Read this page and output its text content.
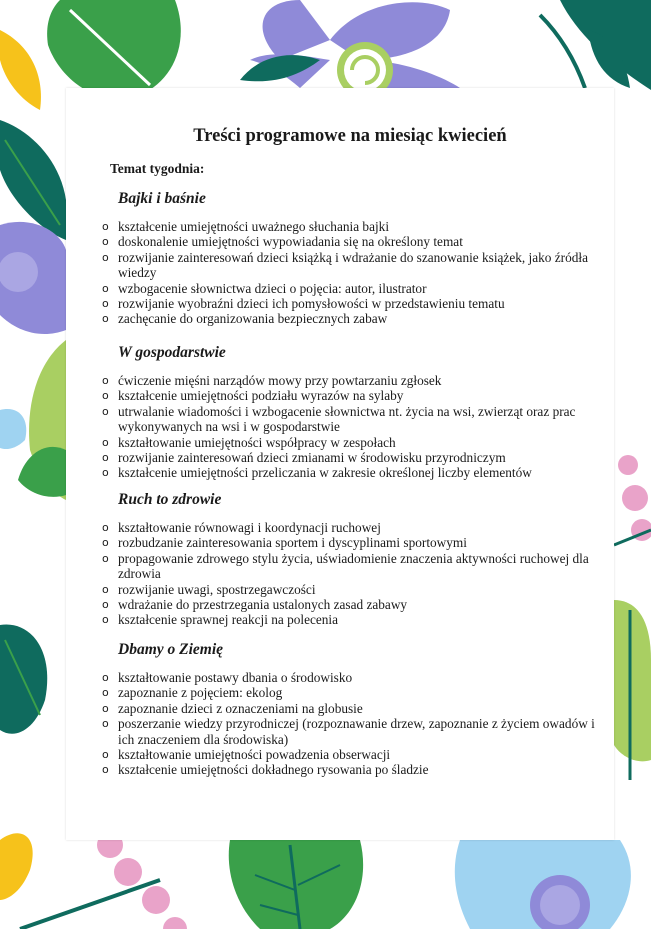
Treści programowe na miesiąc kwiecień
Temat tygodnia:
Bajki i baśnie
o kształcenie umiejętności uważnego słuchania bajki
o doskonalenie umiejętności wypowiadania się na określony temat
o rozwijanie zainteresowań dzieci książką i wdrażanie do szanowanie książek, jako źródła wiedzy
o wzbogacenie słownictwa dzieci o pojęcia: autor, ilustrator
o rozwijanie wyobraźni dzieci ich pomysłowości w przedstawieniu tematu
o zachęcanie do organizowania bezpiecznych zabaw
W gospodarstwie
o ćwiczenie mięśni narządów mowy przy powtarzaniu zgłosek
o kształcenie umiejętności podziału wyrazów na sylaby
o utrwalanie wiadomości i wzbogacenie słownictwa nt. życia na wsi, zwierząt oraz prac wykonywanych na wsi i w gospodarstwie
o kształtowanie umiejętności współpracy w zespołach
o rozwijanie zainteresowań dzieci zmianami w środowisku przyrodniczym
o kształcenie umiejętności przeliczania w zakresie określonej liczby elementów
Ruch to zdrowie
o kształtowanie równowagi i koordynacji ruchowej
o rozbudzanie zainteresowania sportem i dyscyplinami sportowymi
o propagowanie zdrowego stylu życia, uświadomienie znaczenia aktywności ruchowej dla zdrowia
o rozwijanie uwagi, spostrzegawczości
o wdrażanie do przestrzegania ustalonych zasad zabawy
o kształcenie sprawnej reakcji na polecenia
Dbamy o Ziemię
o kształtowanie postawy dbania o środowisko
o zapoznanie z pojęciem: ekolog
o zapoznanie dzieci z oznaczeniami na globusie
o poszerzanie wiedzy przyrodniczej (rozpoznawanie drzew, zapoznanie z życiem owadów i ich znaczeniem dla środowiska)
o kształtowanie umiejętności powadzenia obserwacji
o kształcenie umiejętności dokładnego rysowania po śladzie
